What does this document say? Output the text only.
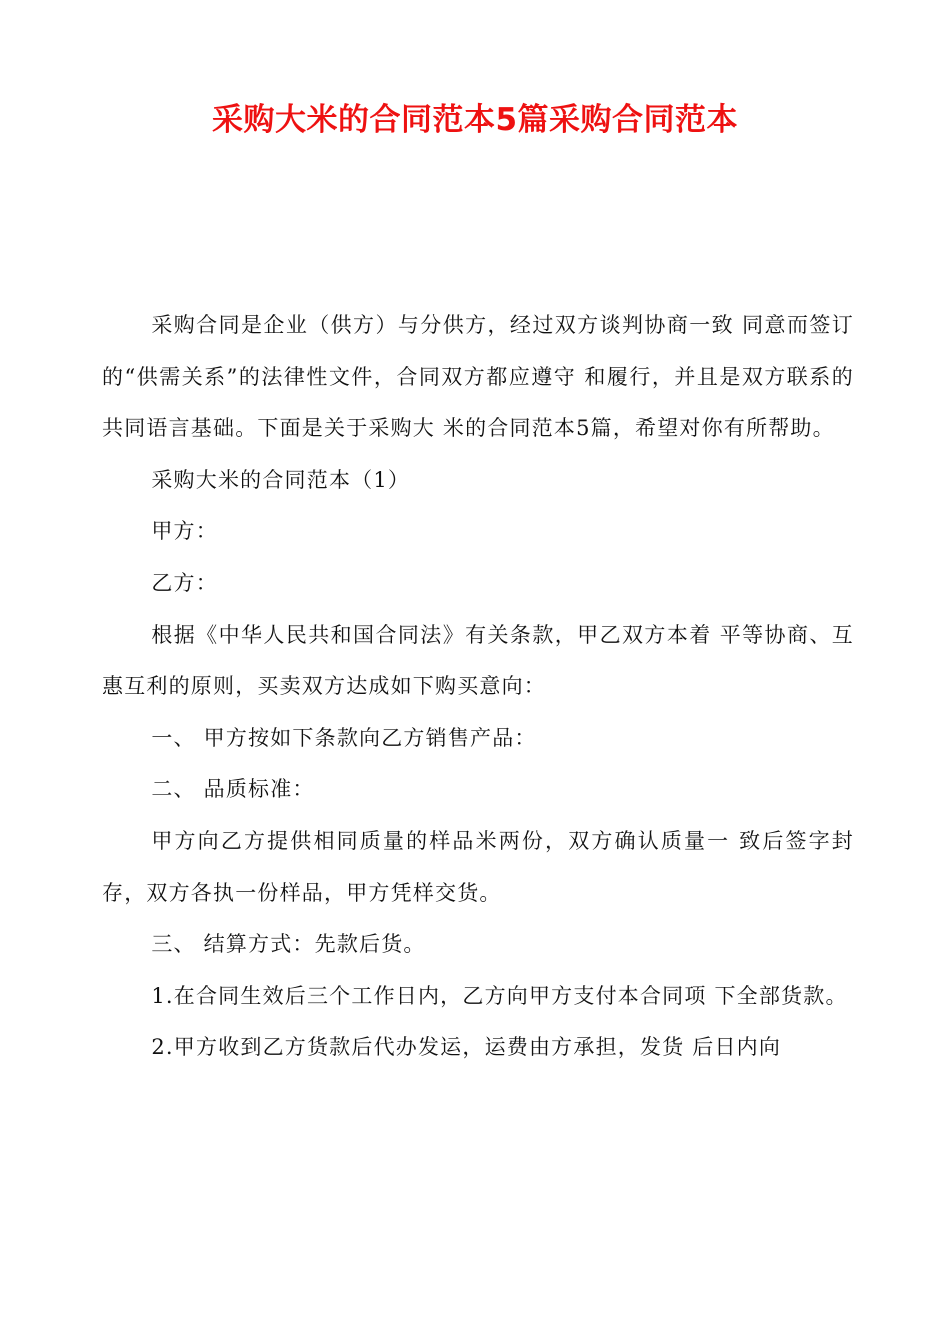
采购大米的合同范本5篇采购合同范本

采购合同是企业（供方）与分供方，经过双方谈判协商一致 同意而签订的“供需关系”的法律性文件，合同双方都应遵守 和履行，并且是双方联系的共同语言基础。下面是关于采购大 米的合同范本5篇，希望对你有所帮助。

采购大米的合同范本（1）

甲方：

乙方：

根据《中华人民共和国合同法》有关条款，甲乙双方本着 平等协商、互惠互利的原则，买卖双方达成如下购买意向：

一、 甲方按如下条款向乙方销售产品：

二、 品质标准：

甲方向乙方提供相同质量的样品米两份，双方确认质量一 致后签字封存，双方各执一份样品，甲方凭样交货。

三、 结算方式：先款后货。

1.在合同生效后三个工作日内，乙方向甲方支付本合同项 下全部货款。

2.甲方收到乙方货款后代办发运，运费由方承担，发货 后日内向
